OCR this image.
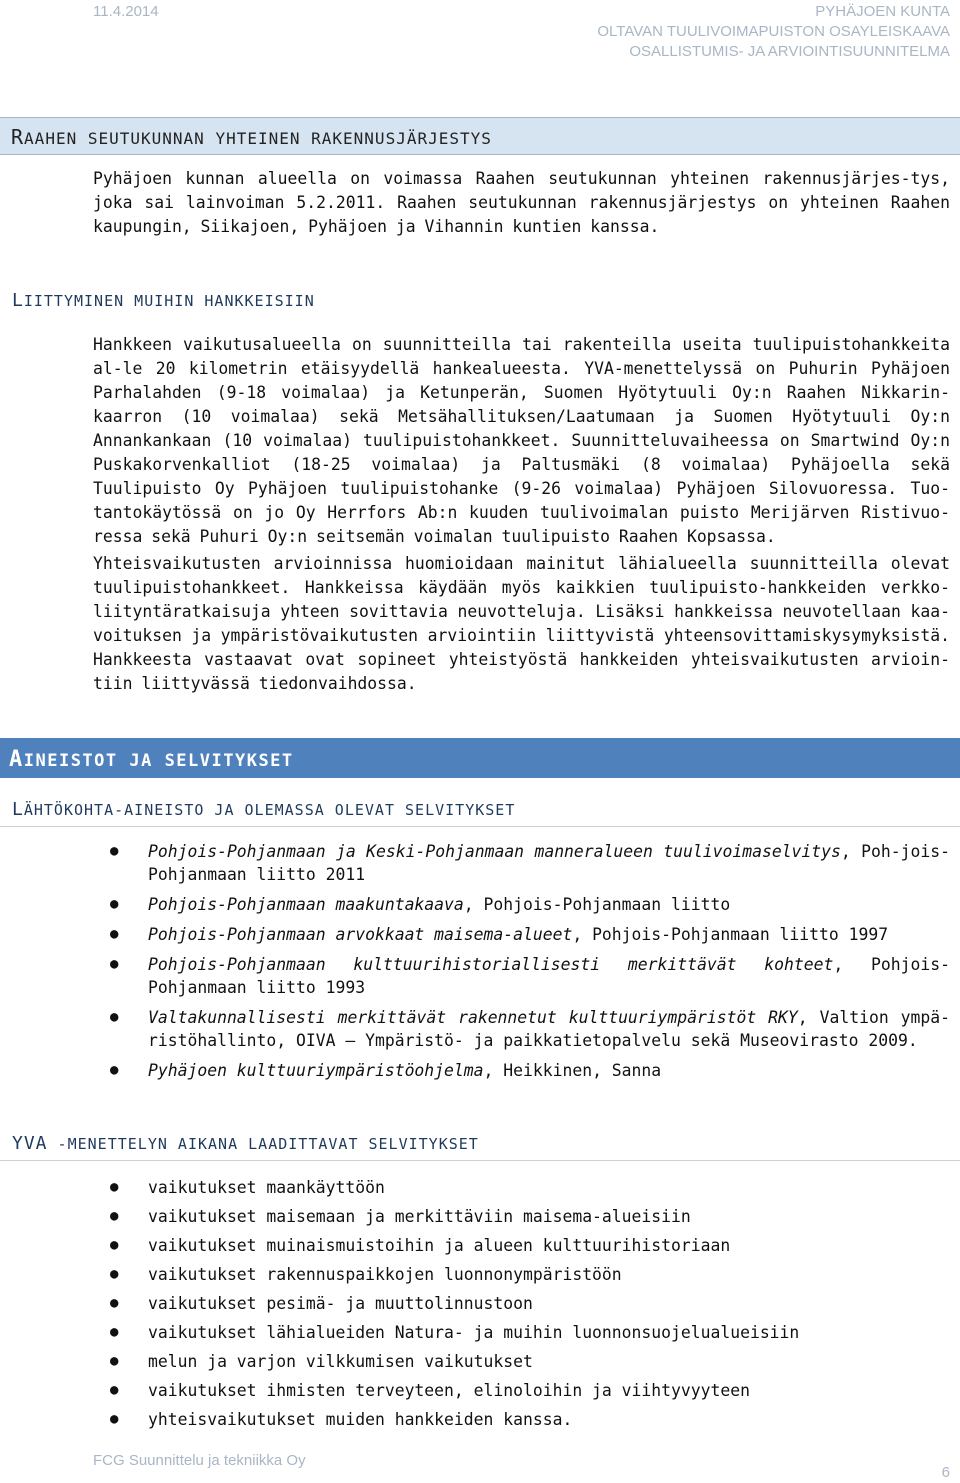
11.4.2014	PYHÄJOEN KUNTA
OLTAVAN TUULIVOIMAPUISTON OSAYLEISKAAVA
OSALLISTUMIS- JA ARVIOINTISUUNNITELMA
RAAHEN SEUTUKUNNAN YHTEINEN RAKENNUSJÄRJESTYS
Pyhäjoen kunnan alueella on voimassa Raahen seutukunnan yhteinen rakennusjärjes-tys, joka sai lainvoiman 5.2.2011. Raahen seutukunnan rakennusjärjestys on yhteinen Raahen kaupungin, Siikajoen, Pyhäjoen ja Vihannin kuntien kanssa.
LIITTYMINEN MUIHIN HANKKEISIIN
Hankkeen vaikutusalueella on suunnitteilla tai rakenteilla useita tuulipuistohankkeita al-le 20 kilometrin etäisyydellä hankealueesta. YVA-menettelyssä on Puhurin Pyhäjoen Parhalahden (9-18 voimalaa) ja Ketunperän, Suomen Hyötytuuli Oy:n Raahen Nikkarin-kaarron (10 voimalaa) sekä Metsähallituksen/Laatumaan ja Suomen Hyötytuuli Oy:n Annankankaan (10 voimalaa) tuulipuistohankkeet. Suunnitteluvaiheessa on Smartwind Oy:n Puskakorvenkalliot (18-25 voimalaa) ja Paltusmäki (8 voimalaa) Pyhäjoella sekä Tuulipuisto Oy Pyhäjoen tuulipuistohanke (9-26 voimalaa) Pyhäjoen Silovuoressa. Tuo-tantokäytössä on jo Oy Herrfors Ab:n kuuden tuulivoimalan puisto Merijärven Ristivuo-ressa sekä Puhuri Oy:n seitsemän voimalan tuulipuisto Raahen Kopsassa.
Yhteisvaikutusten arvioinnissa huomioidaan mainitut lähialueella suunnitteilla olevat tuulipuistohankkeet. Hankkeissa käydään myös kaikkien tuulipuisto-hankkeiden verkko-liityntäratkaisuja yhteen sovittavia neuvotteluja. Lisäksi hankkeissa neuvotellaan kaa-voituksen ja ympäristövaikutusten arviointiin liittyvistä yhteensovittamiskysymyksistä. Hankkeesta vastaavat ovat sopineet yhteistyöstä hankkeiden yhteisvaikutusten arvioin-tiin liittyvässä tiedonvaihdossa.
AINEISTOT JA SELVITYKSET
LÄHTÖKOHTA-AINEISTO JA OLEMASSA OLEVAT SELVITYKSET
● Pohjois-Pohjanmaan ja Keski-Pohjanmaan manneralueen tuulivoimaselvitys, Poh-jois-Pohjanmaan liitto 2011
● Pohjois-Pohjanmaan maakuntakaava, Pohjois-Pohjanmaan liitto
● Pohjois-Pohjanmaan arvokkaat maisema-alueet, Pohjois-Pohjanmaan liitto 1997
● Pohjois-Pohjanmaan kulttuurihistoriallisesti merkittävät kohteet, Pohjois-Pohjanmaan liitto 1993
● Valtakunnallisesti merkittävät rakennetut kulttuuriympäristöt RKY, Valtion ympä-ristöhallinto, OIVA – Ympäristö- ja paikkatietopalvelu sekä Museovirasto 2009.
● Pyhäjoen kulttuuriympäristöohjelma, Heikkinen, Sanna
YVA -MENETTELYN AIKANA LAADITTAVAT SELVITYKSET
● vaikutukset maankäyttöön
● vaikutukset maisemaan ja merkittäviin maisema-alueisiin
● vaikutukset muinaismuistoihin ja alueen kulttuurihistoriaan
● vaikutukset rakennuspaikkojen luonnonympäristöön
● vaikutukset pesimä- ja muuttolinnustoon
● vaikutukset lähialueiden Natura- ja muihin luonnonsuojelualueisiin
● melun ja varjon vilkkumisen vaikutukset
● vaikutukset ihmisten terveyteen, elinoloihin ja viihtyvyyteen
● yhteisvaikutukset muiden hankkeiden kanssa.
FCG Suunnittelu ja tekniikka Oy
6
